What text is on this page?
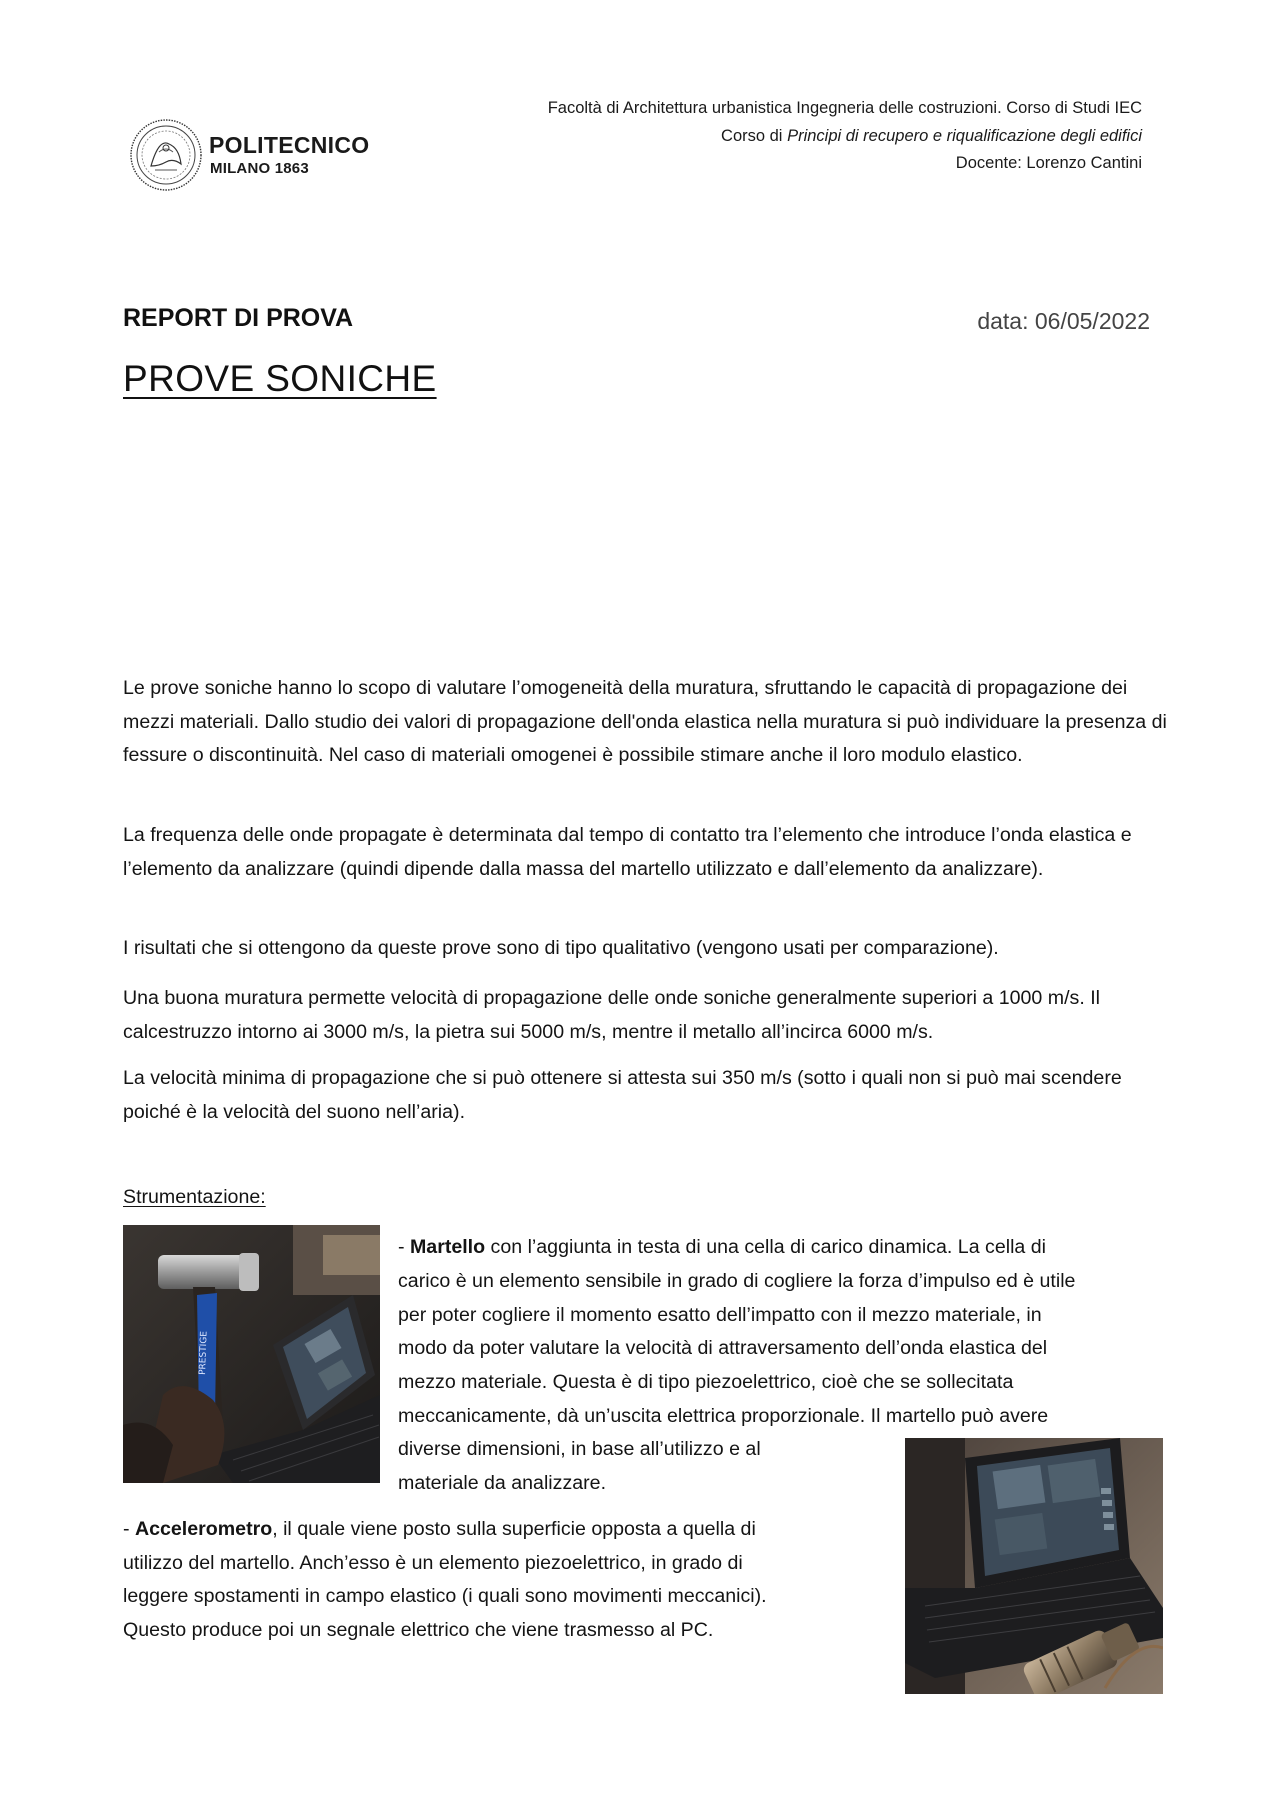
POLITECNICO
MILANO 1863
Facoltà di Architettura urbanistica Ingegneria delle costruzioni. Corso di Studi IEC
Corso di Principi di recupero e riqualificazione degli edifici
Docente: Lorenzo Cantini
REPORT DI PROVA	data: 06/05/2022
PROVE SONICHE

Le prove soniche hanno lo scopo di valutare l’omogeneità della muratura, sfruttando le capacità di propagazione dei mezzi materiali. Dallo studio dei valori di propagazione dell'onda elastica nella muratura si può individuare la presenza di fessure o discontinuità. Nel caso di materiali omogenei è possibile stimare anche il loro modulo elastico.

La frequenza delle onde propagate è determinata dal tempo di contatto tra l’elemento che introduce l’onda elastica e l’elemento da analizzare (quindi dipende dalla massa del martello utilizzato e dall’elemento da analizzare).

I risultati che si ottengono da queste prove sono di tipo qualitativo (vengono usati per comparazione).

Una buona muratura permette velocità di propagazione delle onde soniche generalmente superiori a 1000 m/s. Il calcestruzzo intorno ai 3000 m/s, la pietra sui 5000 m/s, mentre il metallo all’incirca 6000 m/s.

La velocità minima di propagazione che si può ottenere si attesta sui 350 m/s (sotto i quali non si può mai scendere poiché è la velocità del suono nell’aria).

Strumentazione:
PRESTIGE
- Martello con l’aggiunta in testa di una cella di carico dinamica. La cella di
carico è un elemento sensibile in grado di cogliere la forza d’impulso ed è utile
per poter cogliere il momento esatto dell’impatto con il mezzo materiale, in
modo da poter valutare la velocità di attraversamento dell’onda elastica del
mezzo materiale. Questa è di tipo piezoelettrico, cioè che se sollecitata
meccanicamente, dà un’uscita elettrica proporzionale. Il martello può avere
diverse dimensioni, in base all’utilizzo e al
materiale da analizzare.
- Accelerometro, il quale viene posto sulla superficie opposta a quella di
utilizzo del martello. Anch’esso è un elemento piezoelettrico, in grado di
leggere spostamenti in campo elastico (i quali sono movimenti meccanici).
Questo produce poi un segnale elettrico che viene trasmesso al PC.
